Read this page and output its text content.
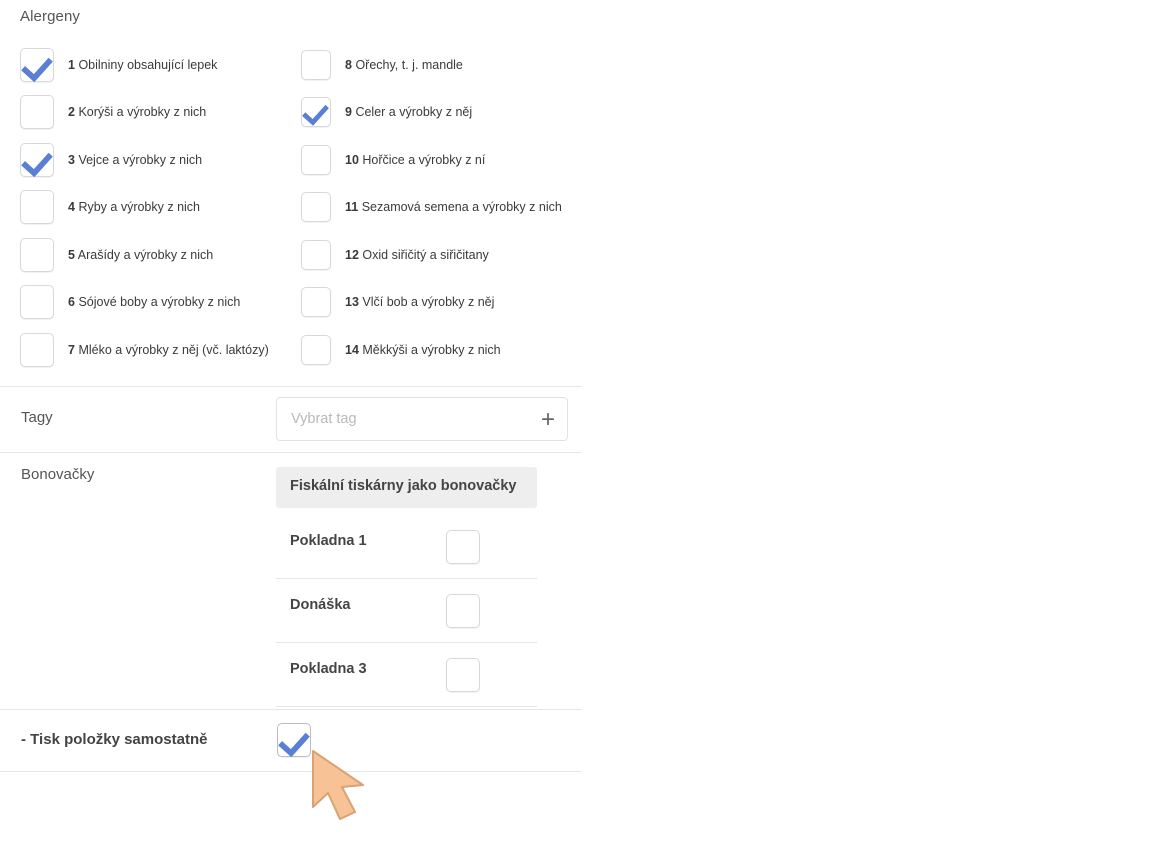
Alergeny
1 Obilniny obsahující lepek
2 Korýši a výrobky z nich
3 Vejce a výrobky z nich
4 Ryby a výrobky z nich
5 Arašídy a výrobky z nich
6 Sójové boby a výrobky z nich
7 Mléko a výrobky z něj (vč. laktózy)
8 Ořechy, t. j. mandle
9 Celer a výrobky z něj
10 Hořčice a výrobky z ní
11 Sezamová semena a výrobky z nich
12 Oxid siřičitý a siřičitany
13 Vlčí bob a výrobky z něj
14 Měkkýši a výrobky z nich
Tagy	Vybrat tag	+
Bonovačky
Fiskální tiskárny jako bonovačky
Pokladna 1
Donáška
Pokladna 3
- Tisk položky samostatně
